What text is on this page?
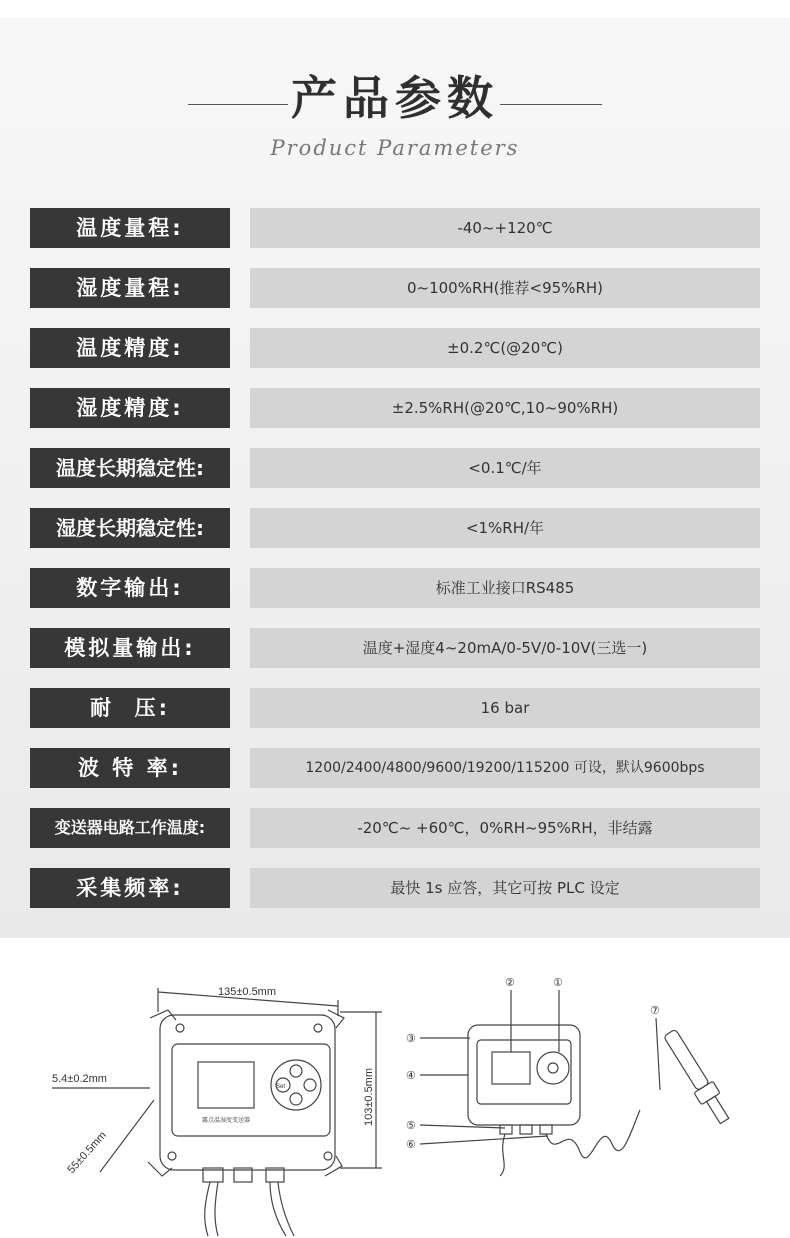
产品参数
Product Parameters
温度量程:	-40~+120℃
湿度量程:	0~100%RH(推荐<95%RH)
温度精度:	±0.2℃(@20℃)
湿度精度:	±2.5%RH(@20℃,10~90%RH)
温度长期稳定性:	<0.1℃/年
湿度长期稳定性:	<1%RH/年
数字输出:	标准工业接口RS485
模拟量输出:	温度+湿度4~20mA/0-5V/0-10V(三选一)
耐  压:	16 bar
波 特 率:	1200/2400/4800/9600/19200/115200 可设，默认9600bps
变送器电路工作温度:	-20℃~ +60℃，0%RH~95%RH，非结露
采集频率:	最快 1s 应答，其它可按 PLC 设定
135±0.5mm
103±0.5mm
5.4±0.2mm
55±0.5mm
露点温湿度变送器
Set
②	①
③
④
⑤
⑥
⑦
